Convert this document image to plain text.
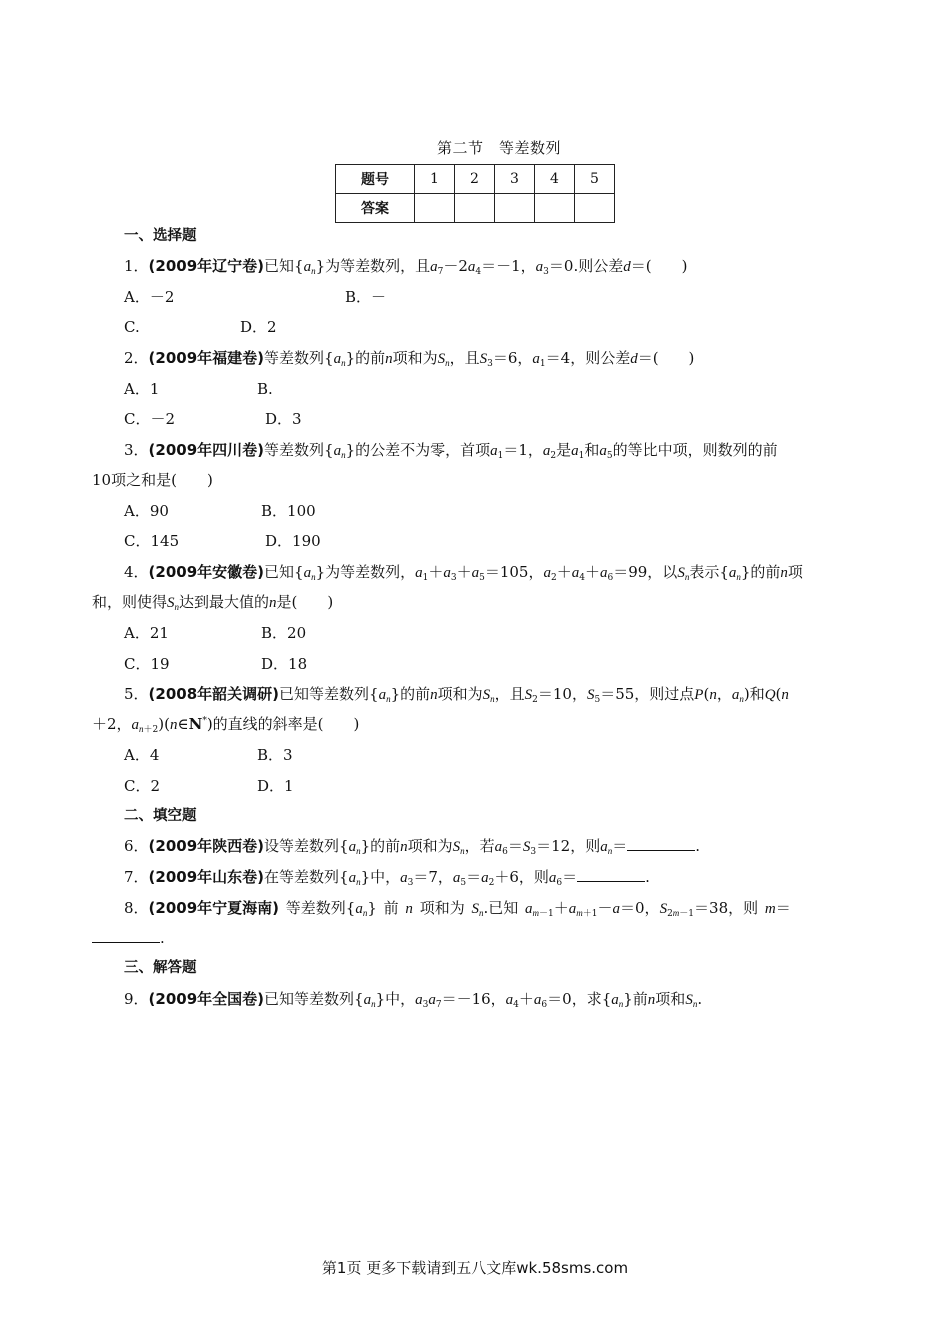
第二节　等差数列
题号	1	2	3	4	5
答案					
一、选择题
1．(2009年辽宁卷)已知$\{a_n\}$为等差数列，且$a_7-2a_4=-1$，$a_3=0$.则公差d＝(　　)
A．－2	B．－
C.	D．2
2．(2009年福建卷)等差数列$\{a_n\}$的前n项和为$S_n$，且$S_3=6$，$a_1=4$，则公差d＝(　　)
A．1	B.
C．－2	D．3
3．(2009年四川卷)等差数列$\{a_n\}$的公差不为零，首项$a_1=1$，$a_2$是$a_1$和$a_5$的等比中项，则数列的前
10项之和是(　　)
A．90	B．100
C．145	D．190
4．(2009年安徽卷)已知$\{a_n\}$为等差数列，$a_1+a_3+a_5=105$，$a_2+a_4+a_6=99$，以$S_n$表示$\{a_n\}$的前n项
和，则使得$S_n$达到最大值的n是(　　)
A．21	B．20
C．19	D．18
5．(2008年韶关调研)已知等差数列$\{a_n\}$的前n项和为$S_n$，且$S_2=10$，$S_5=55$，则过点P(n，$a_n$)和Q(n
＋2，$a_{n+2})(n\in N^*)$的直线的斜率是(　　)
A．4	B．3
C．2	D．1
二、填空题
6．(2009年陕西卷)设等差数列$\{a_n\}$的前n项和为$S_n$，若$a_6=S_3=12$，则$a_n=$	.
7．(2009年山东卷)在等差数列$\{a_n\}$中，$a_3=7$，$a_5=a_2+6$，则$a_6=$	.
8．(2009年宁夏海南) 等差数列$\{a_n\}$ 前 n 项和为 $S_n$.已知 $a_{m-1}+a_{m+1}-a=0$，$S_{2m-1}=38$，则 m＝
.
三、解答题
9．(2009年全国卷)已知等差数列$\{a_n\}$中，$a_3a_7=-16$，$a_4+a_6=0$，求$\{a_n\}$前n项和$S_n$.
第1页 更多下载请到五八文库wk.58sms.com
